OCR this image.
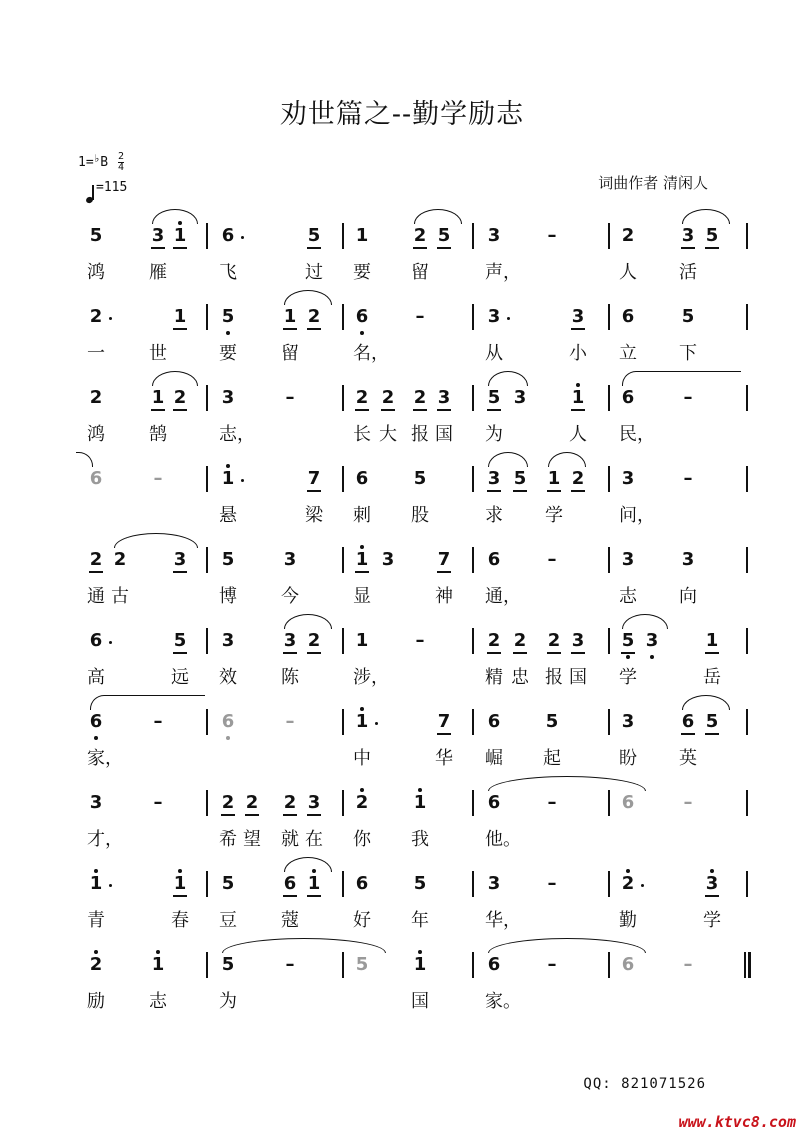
劝世篇之--勤学励志
$1=^♭B \frac{2}{4}$
=115	词曲作者 清闲人
5	3 1 6	5 1	2 5 3	–	2	3 5
鸿 雁	飞	过 要 留	声，	人 活
2	1 5	1 2 6	–	3	3 6	5
一 世	要 留	名，	从	小 立 下
2	1 2 3	–	2 2 2 3 5 3	1 6	–
鸿 鹄	志，	长 大 报 国 为	人 民，
6	–	1	7 6	5	3 5 1 2 3	–
悬	梁 刺 股	求 学	问，
2 2	3 5	3	1 3 7 6	–	3	3
通 古	博 今	显	神 通，	志 向
6	5 3	3 2 1	–	2 2 2 3 5 3	1
高	远 效 陈	涉，	精 忠 报 国 学	岳
6	–	6	–	1	7 6	5	3	6 5
家，	中	华 崛 起	盼 英
3	–	2 2 2 3 2	1	6	–	6	–
才，	希 望 就 在 你 我	他。
1	1 5	6 1 6	5	3	–	2	3
青	春 豆 蔻	好 年	华，	勤	学
2	1	5	–	5	1	6	–	6	–
励 志	为	国	家。
QQ: 821071526
www.ktvc8.com
